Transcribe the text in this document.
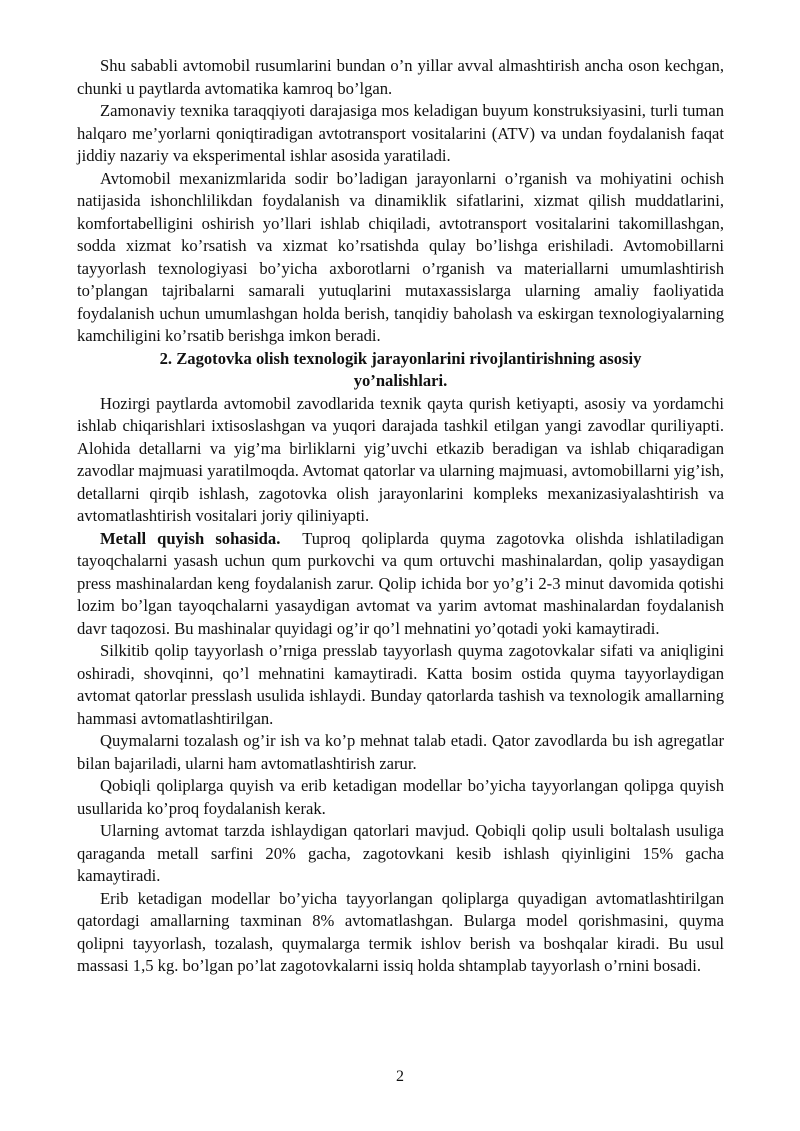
Shu sababli avtomobil rusumlarini bundan o’n yillar avval almashtirish ancha oson kechgan, chunki u paytlarda avtomatika kamroq bo’lgan.

Zamonaviy texnika taraqqiyoti darajasiga mos keladigan buyum konstruksiyasini, turli tuman halqaro me’yorlarni qoniqtiradigan avtotransport vositalarini (ATV) va undan foydalanish faqat jiddiy nazariy va eksperimental ishlar asosida yaratiladi.

Avtomobil mexanizmlarida sodir bo’ladigan jarayonlarni o’rganish va mohiyatini ochish natijasida ishonchlilikdan foydalanish va dinamiklik sifatlarini, xizmat qilish muddatlarini, komfortabelligini oshirish yo’llari ishlab chiqiladi, avtotransport vositalarini takomillashgan, sodda xizmat ko’rsatish va xizmat ko’rsatishda qulay bo’lishga erishiladi. Avtomobillarni tayyorlash texnologiyasi bo’yicha axborotlarni o’rganish va materiallarni umumlashtirish to’plangan tajribalarni samarali yutuqlarini mutaxassislarga ularning amaliy faoliyatida foydalanish uchun umumlashgan holda berish, tanqidiy baholash va eskirgan texnologiyalarning kamchiligini ko’rsatib berishga imkon beradi.

2. Zagotovka olish texnologik jarayonlarini rivojlantirishning asosiy
yo’nalishlari.

Hozirgi paytlarda avtomobil zavodlarida texnik qayta qurish ketiyapti, asosiy va yordamchi ishlab chiqarishlari ixtisoslashgan va yuqori darajada tashkil etilgan yangi zavodlar quriliyapti. Alohida detallarni va yig’ma birliklarni yig’uvchi etkazib beradigan va ishlab chiqaradigan zavodlar majmuasi yaratilmoqda. Avtomat qatorlar va ularning majmuasi, avtomobillarni yig’ish, detallarni qirqib ishlash, zagotovka olish jarayonlarini kompleks mexanizasiyalashtirish va avtomatlashtirish vositalari joriy qiliniyapti.

Metall quyish sohasida. Tuproq qoliplarda quyma zagotovka olishda ishlatiladigan tayoqchalarni yasash uchun qum purkovchi va qum ortuvchi mashinalardan, qolip yasaydigan press mashinalardan keng foydalanish zarur. Qolip ichida bor yo’g’i 2-3 minut davomida qotishi lozim bo’lgan tayoqchalarni yasaydigan avtomat va yarim avtomat mashinalardan foydalanish davr taqozosi. Bu mashinalar quyidagi og’ir qo’l mehnatini yo’qotadi yoki kamaytiradi.

Silkitib qolip tayyorlash o’rniga presslab tayyorlash quyma zagotovkalar sifati va aniqligini oshiradi, shovqinni, qo’l mehnatini kamaytiradi. Katta bosim ostida quyma tayyorlaydigan avtomat qatorlar presslash usulida ishlaydi. Bunday qatorlarda tashish va texnologik amallarning hammasi avtomatlashtirilgan.

Quymalarni tozalash og’ir ish va ko’p mehnat talab etadi. Qator zavodlarda bu ish agregatlar bilan bajariladi, ularni ham avtomatlashtirish zarur.

Qobiqli qoliplarga quyish va erib ketadigan modellar bo’yicha tayyorlangan qolipga quyish usullarida ko’proq foydalanish kerak.

Ularning avtomat tarzda ishlaydigan qatorlari mavjud. Qobiqli qolip usuli boltalash usuliga qaraganda metall sarfini 20% gacha, zagotovkani kesib ishlash qiyinligini 15% gacha kamaytiradi.

Erib ketadigan modellar bo’yicha tayyorlangan qoliplarga quyadigan avtomatlashtirilgan qatordagi amallarning taxminan 8% avtomatlashgan. Bularga model qorishmasini, quyma qolipni tayyorlash, tozalash, quymalarga termik ishlov berish va boshqalar kiradi. Bu usul massasi 1,5 kg. bo’lgan po’lat zagotovkalarni issiq holda shtamplab tayyorlash o’rnini bosadi.

2
